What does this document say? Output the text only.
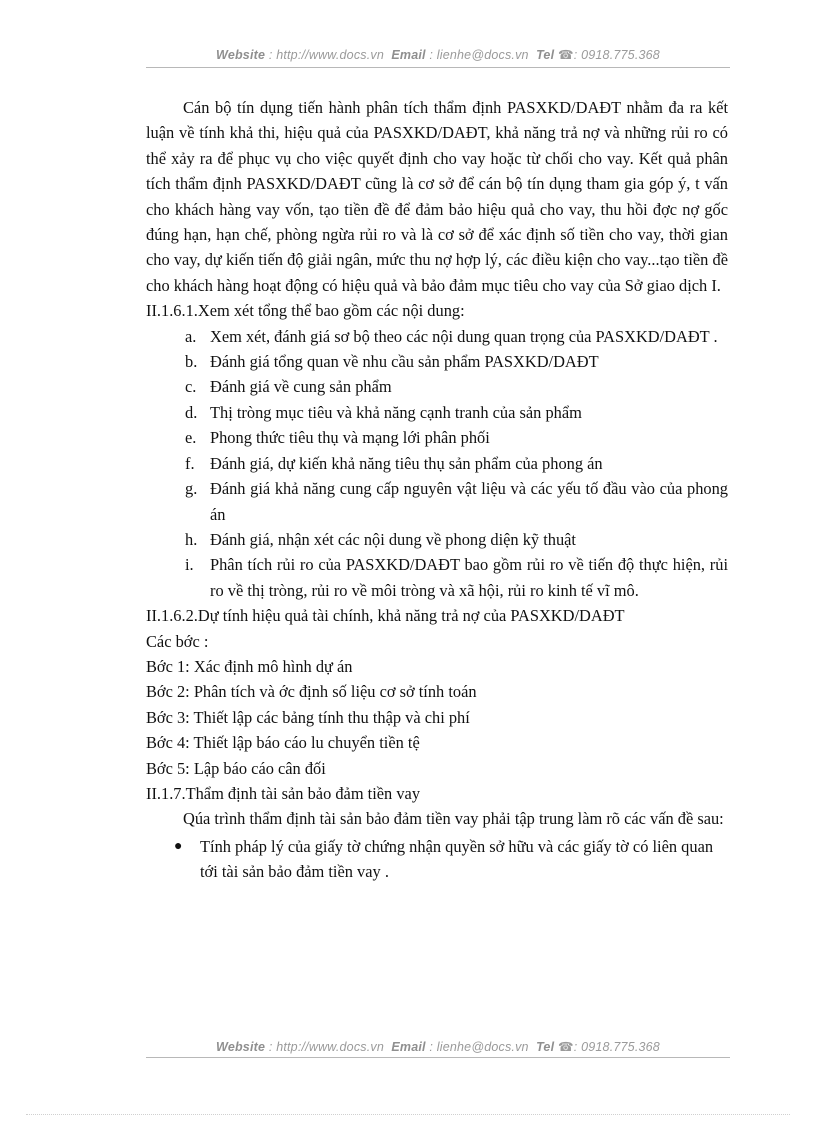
Website : http://www.docs.vn Email : lienhe@docs.vn Tel ☎: 0918.775.368

Cán bộ tín dụng tiến hành phân tích thẩm định PASXKD/DAĐT nhằm đa ra kết luận về tính khả thi, hiệu quả của PASXKD/DAĐT, khả năng trả nợ và những rủi ro có thể xảy ra để phục vụ cho việc quyết định cho vay hoặc từ chối cho vay. Kết quả phân tích thẩm định PASXKD/DAĐT cũng là cơ sở để cán bộ tín dụng tham gia góp ý, t vấn cho khách hàng vay vốn, tạo tiền đề để đảm bảo hiệu quả cho vay, thu hồi đợc nợ gốc đúng hạn, hạn chế, phòng ngừa rủi ro và là cơ sở để xác định số tiền cho vay, thời gian cho vay, dự kiến tiến độ giải ngân, mức thu nợ hợp lý, các điều kiện cho vay...tạo tiền đề cho khách hàng hoạt động có hiệu quả và bảo đảm mục tiêu cho vay của Sở giao dịch I.

II.1.6.1.Xem xét tổng thể bao gồm các nội dung:

a. Xem xét, đánh giá sơ bộ theo các nội dung quan trọng của PASXKD/DAĐT .
b. Đánh giá tổng quan về nhu cầu sản phẩm PASXKD/DAĐT
c. Đánh giá về cung sản phẩm
d. Thị tròng mục tiêu và khả năng cạnh tranh của sản phẩm
e. Phong thức tiêu thụ và mạng lới phân phối
f. Đánh giá, dự kiến khả năng tiêu thụ sản phẩm của phong án
g. Đánh giá khả năng cung cấp nguyên vật liệu và các yếu tố đầu vào của phong án
h. Đánh giá, nhận xét các nội dung về phong diện kỹ thuật
i. Phân tích rủi ro của PASXKD/DAĐT bao gồm rủi ro về tiến độ thực hiện, rủi ro về thị tròng, rủi ro về môi tròng và xã hội, rủi ro kinh tế vĩ mô.

II.1.6.2.Dự tính hiệu quả tài chính, khả năng trả nợ của PASXKD/DAĐT

Các bớc :

Bớc 1: Xác định mô hình dự án

Bớc 2: Phân tích và ớc định số liệu cơ sở tính toán

Bớc 3: Thiết lập các bảng tính thu thập và chi phí

Bớc 4: Thiết lập báo cáo lu chuyển tiền tệ

Bớc 5: Lập báo cáo cân đối

II.1.7.Thẩm định tài sản bảo đảm tiền vay

Qúa trình thẩm định tài sản bảo đảm tiền vay phải tập trung làm rõ các vấn đề sau:

● Tính pháp lý của giấy tờ chứng nhận quyền sở hữu và các giấy tờ có liên quan tới tài sản bảo đảm tiền vay .
Website : http://www.docs.vn Email : lienhe@docs.vn Tel ☎: 0918.775.368
